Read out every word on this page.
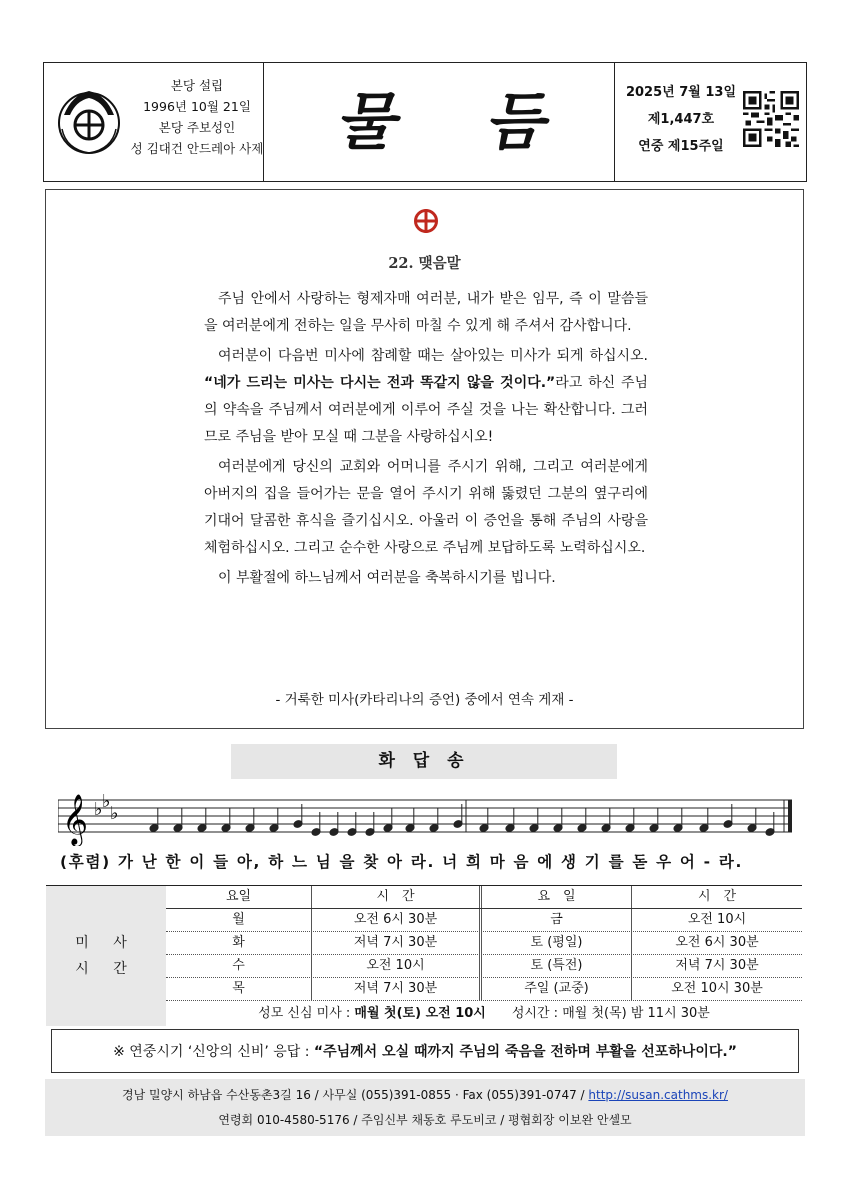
본당 설립
1996년 10월 21일
본당 주보성인
성 김대건 안드레아 사제	물 듬	2025년 7월 13일
제1,447호
연중 제15주일
22. 맺음말

주님 안에서 사랑하는 형제자매 여러분, 내가 받은 임무, 즉 이 말씀들을 여러분에게 전하는 일을 무사히 마칠 수 있게 해 주셔서 감사합니다.

여러분이 다음번 미사에 참례할 때는 살아있는 미사가 되게 하십시오. “네가 드리는 미사는 다시는 전과 똑같지 않을 것이다.”라고 하신 주님의 약속을 주님께서 여러분에게 이루어 주실 것을 나는 확산합니다. 그러므로 주님을 받아 모실 때 그분을 사랑하십시오!

여러분에게 당신의 교회와 어머니를 주시기 위해, 그리고 여러분에게 아버지의 집을 들어가는 문을 열어 주시기 위해 뚫렸던 그분의 옆구리에 기대어 달콤한 휴식을 즐기십시오. 아울러 이 증언을 통해 주님의 사랑을 체험하십시오. 그리고 순수한 사랑으로 주님께 보답하도록 노력하십시오.

이 부활절에 하느님께서 여러분을 축복하시기를 빕니다.

- 거룩한 미사(카타리나의 증언) 중에서 연속 게재 -
화 답 송
𝄞 ♭ ♭
♭
(후렴) 가 난 한 이 들 아, 하 느 님 을 찾 아 라. 너 희 마 음 에 생 기 를 돋 우 어 - 라.
미 사
시 간
요일	시　간	요　일	시　간
월	오전 6시 30분	금	오전 10시
화	저녁 7시 30분	토 (평일)	오전 6시 30분
수	오전 10시	토 (특전)	저녁 7시 30분
목	저녁 7시 30분	주일 (교중)	오전 10시 30분
성모 신심 미사 : 매월 첫(토) 오전 10시 성시간 : 매월 첫(목) 밤 11시 30분
※ 연중시기 ‘신앙의 신비’ 응답 : “주님께서 오실 때까지 주님의 죽음을 전하며 부활을 선포하나이다.”
경남 밀양시 하남읍 수산동촌3길 16 / 사무실 (055)391-0855 · Fax (055)391-0747 / http://susan.cathms.kr/
연령회 010-4580-5176 / 주임신부 채동호 루도비코 / 평협회장 이보완 안셀모
